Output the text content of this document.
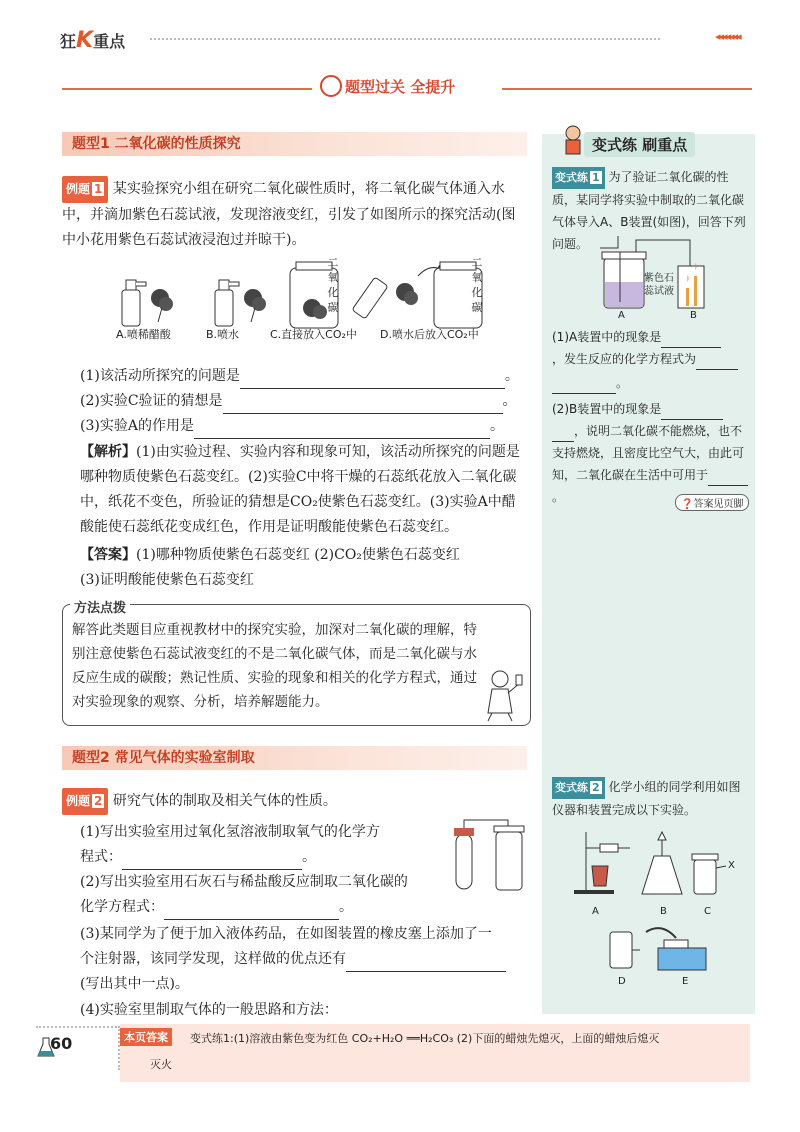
狂K重点	◂◂◂◂◂◂◂
题型过关 全提升
题型1 二氧化碳的性质探究
例题 1 某实验探究小组在研究二氧化碳性质时，将二氧化碳气体通入水中，并滴加紫色石蕊试液，发现溶液变红，引发了如图所示的探究活动(图中小花用紫色石蕊试液浸泡过并晾干)。
二氧化碳
二氧化碳
A.喷稀醋酸	B.喷水	C.直接放入CO₂中 D.喷水后放入CO₂中
(1)该活动所探究的问题是	。
(2)实验C验证的猜想是	。
(3)实验A的作用是	。
【解析】(1)由实验过程、实验内容和现象可知，该活动所探究的问题是哪种物质使紫色石蕊变红。(2)实验C中将干燥的石蕊纸花放入二氧化碳中，纸花不变色，所验证的猜想是CO₂使紫色石蕊变红。(3)实验A中醋酸能使石蕊纸花变成红色，作用是证明酸能使紫色石蕊变红。
【答案】(1)哪种物质使紫色石蕊变红 (2)CO₂使紫色石蕊变红
(3)证明酸能使紫色石蕊变红
方法点拨
解答此类题目应重视教材中的探究实验，加深对二氧化碳的理解，特别注意使紫色石蕊试液变红的不是二氧化碳气体，而是二氧化碳与水反应生成的碳酸；熟记性质、实验的现象和相关的化学方程式，通过对实验现象的观察、分析，培养解题能力。
题型2 常见气体的实验室制取
例题 2 研究气体的制取及相关气体的性质。
(1)写出实验室用过氧化氢溶液制取氧气的化学方
程式：	。
(2)写出实验室用石灰石与稀盐酸反应制取二氧化碳的
化学方程式：	。
(3)某同学为了便于加入液体药品，在如图装置的橡皮塞上添加了一
个注射器，该同学发现，这样做的优点还有
(写出其中一点)。
(4)实验室里制取气体的一般思路和方法：
变式练 刷重点
变式练 1 为了验证二氧化碳的性质，某同学将实验中制取的二氧化碳气体导入A、B装置(如图)，回答下列问题。
紫色石蕊试液
A	B
(1)A装置中的现象是
，发生反应的化学方程式为
。
(2)B装置中的现象是
，说明二氧化碳不能燃烧，也不支持燃烧，且密度比空气大，由此可知，二氧化碳在生活中可用于。
❓答案见页脚
变式练 2 化学小组的同学利用如图仪器和装置完成以下实验。
A	B	C
D	E
X
60	本页答案	变式练1:(1)溶液由紫色变为红色 CO₂+H₂O ══H₂CO₃ (2)下面的蜡烛先熄灭，上面的蜡烛后熄灭
灭火
